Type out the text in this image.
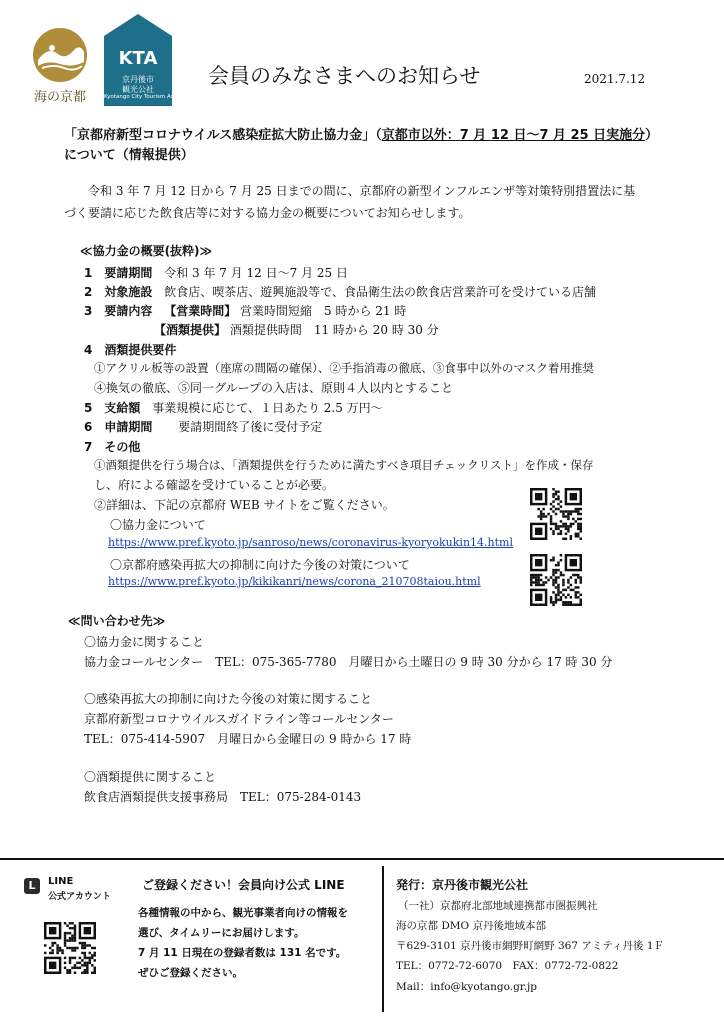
海の京都
KTA
京丹後市
観光公社
Kyotango City Tourism Association
会員のみなさまへのお知らせ	2021.7.12
「京都府新型コロナウイルス感染症拡大防止協力金」（京都市以外：7 月 12 日～7 月 25 日実施分）について（情報提供）
令和 3 年 7 月 12 日から 7 月 25 日までの間に、京都府の新型インフルエンザ等対策特別措置法に基
づく要請に応じた飲食店等に対する協力金の概要についてお知らせします。
≪協力金の概要(抜粋)≫
1　要請期間 令和 3 年 7 月 12 日～7 月 25 日
2　対象施設 飲食店、喫茶店、遊興施設等で、食品衛生法の飲食店営業許可を受けている店舗
3　要請内容 【営業時間】 営業時間短縮　5 時から 21 時
【酒類提供】 酒類提供時間　11 時から 20 時 30 分
4　酒類提供要件
①アクリル板等の設置（座席の間隔の確保）、②手指消毒の徹底、③食事中以外のマスク着用推奨
④換気の徹底、⑤同一グループの入店は、原則４人以内とすること
5　支給額 事業規模に応じて、１日あたり 2.5 万円～
6　申請期間 要請期間終了後に受付予定
7　その他
①酒類提供を行う場合は、「酒類提供を行うために満たすべき項目チェックリスト」を作成・保存
し、府による確認を受けていることが必要。
②詳細は、下記の京都府 WEB サイトをご覧ください。
〇協力金について
https://www.pref.kyoto.jp/sanroso/news/coronavirus-kyoryokukin14.html
〇京都府感染再拡大の抑制に向けた今後の対策について
https://www.pref.kyoto.jp/kikikanri/news/corona_210708taiou.html
≪問い合わせ先≫
〇協力金に関すること
協力金コールセンター　TEL：075-365-7780　月曜日から土曜日の 9 時 30 分から 17 時 30 分
〇感染再拡大の抑制に向けた今後の対策に関すること
京都府新型コロナウイルスガイドライン等コールセンター
TEL：075-414-5907　月曜日から金曜日の 9 時から 17 時
〇酒類提供に関すること
飲食店酒類提供支援事務局　TEL：075-284-0143
L	LINE
公式アカウント
ご登録ください！会員向け公式 LINE
各種情報の中から、観光事業者向けの情報を
選び、タイムリーにお届けします。
7 月 11 日現在の登録者数は 131 名です。
ぜひご登録ください。
発行：京丹後市観光公社
（一社）京都府北部地域連携都市圏振興社
海の京都 DMO 京丹後地域本部
〒629-3101 京丹後市網野町網野 367 アミティ丹後 1Ｆ
TEL：0772-72-6070　FAX：0772-72-0822
Mail：info@kyotango.gr.jp
